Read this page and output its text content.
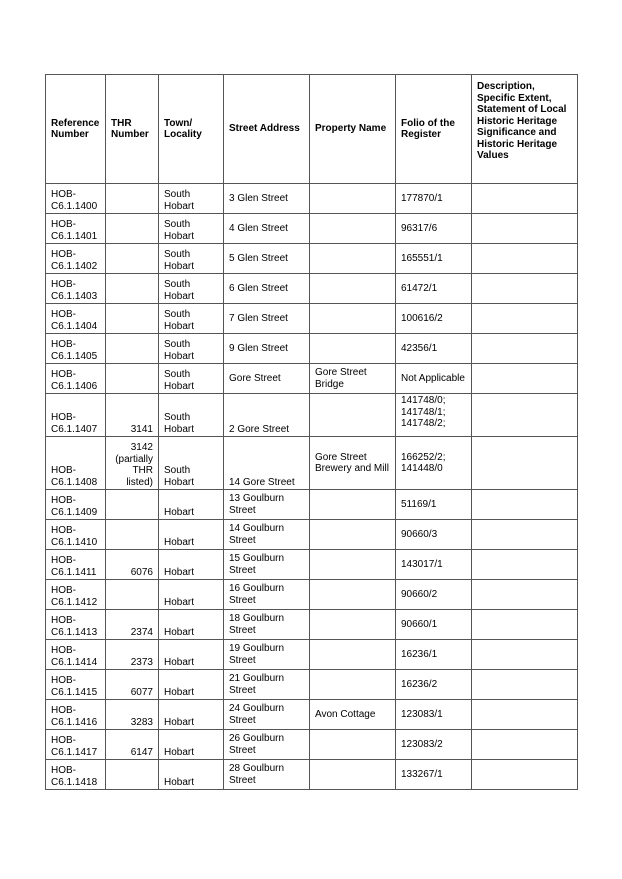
Reference Number	THR Number	Town/ Locality	Street Address	Property Name	Folio of the Register	Description, Specific Extent, Statement of Local Historic Heritage Significance and Historic Heritage Values
HOB-C6.1.1400		South Hobart	3 Glen Street		177870/1	
HOB-C6.1.1401		South Hobart	4 Glen Street		96317/6	
HOB-C6.1.1402		South Hobart	5 Glen Street		165551/1	
HOB-C6.1.1403		South Hobart	6 Glen Street		61472/1	
HOB-C6.1.1404		South Hobart	7 Glen Street		100616/2	
HOB-C6.1.1405		South Hobart	9 Glen Street		42356/1	
HOB-C6.1.1406		South Hobart	Gore Street	Gore Street Bridge	Not Applicable	
HOB-C6.1.1407	3141	South Hobart	2 Gore Street		141748/0; 141748/1; 141748/2;	
HOB-C6.1.1408	3142 (partially THR listed)	South Hobart	14 Gore Street	Gore Street Brewery and Mill	166252/2; 141448/0	
HOB-C6.1.1409		Hobart	13 Goulburn Street		51169/1	
HOB-C6.1.1410		Hobart	14 Goulburn Street		90660/3	
HOB-C6.1.1411	6076	Hobart	15 Goulburn Street		143017/1	
HOB-C6.1.1412		Hobart	16 Goulburn Street		90660/2	
HOB-C6.1.1413	2374	Hobart	18 Goulburn Street		90660/1	
HOB-C6.1.1414	2373	Hobart	19 Goulburn Street		16236/1	
HOB-C6.1.1415	6077	Hobart	21 Goulburn Street		16236/2	
HOB-C6.1.1416	3283	Hobart	24 Goulburn Street	Avon Cottage	123083/1	
HOB-C6.1.1417	6147	Hobart	26 Goulburn Street		123083/2	
HOB-C6.1.1418		Hobart	28 Goulburn Street		133267/1	
